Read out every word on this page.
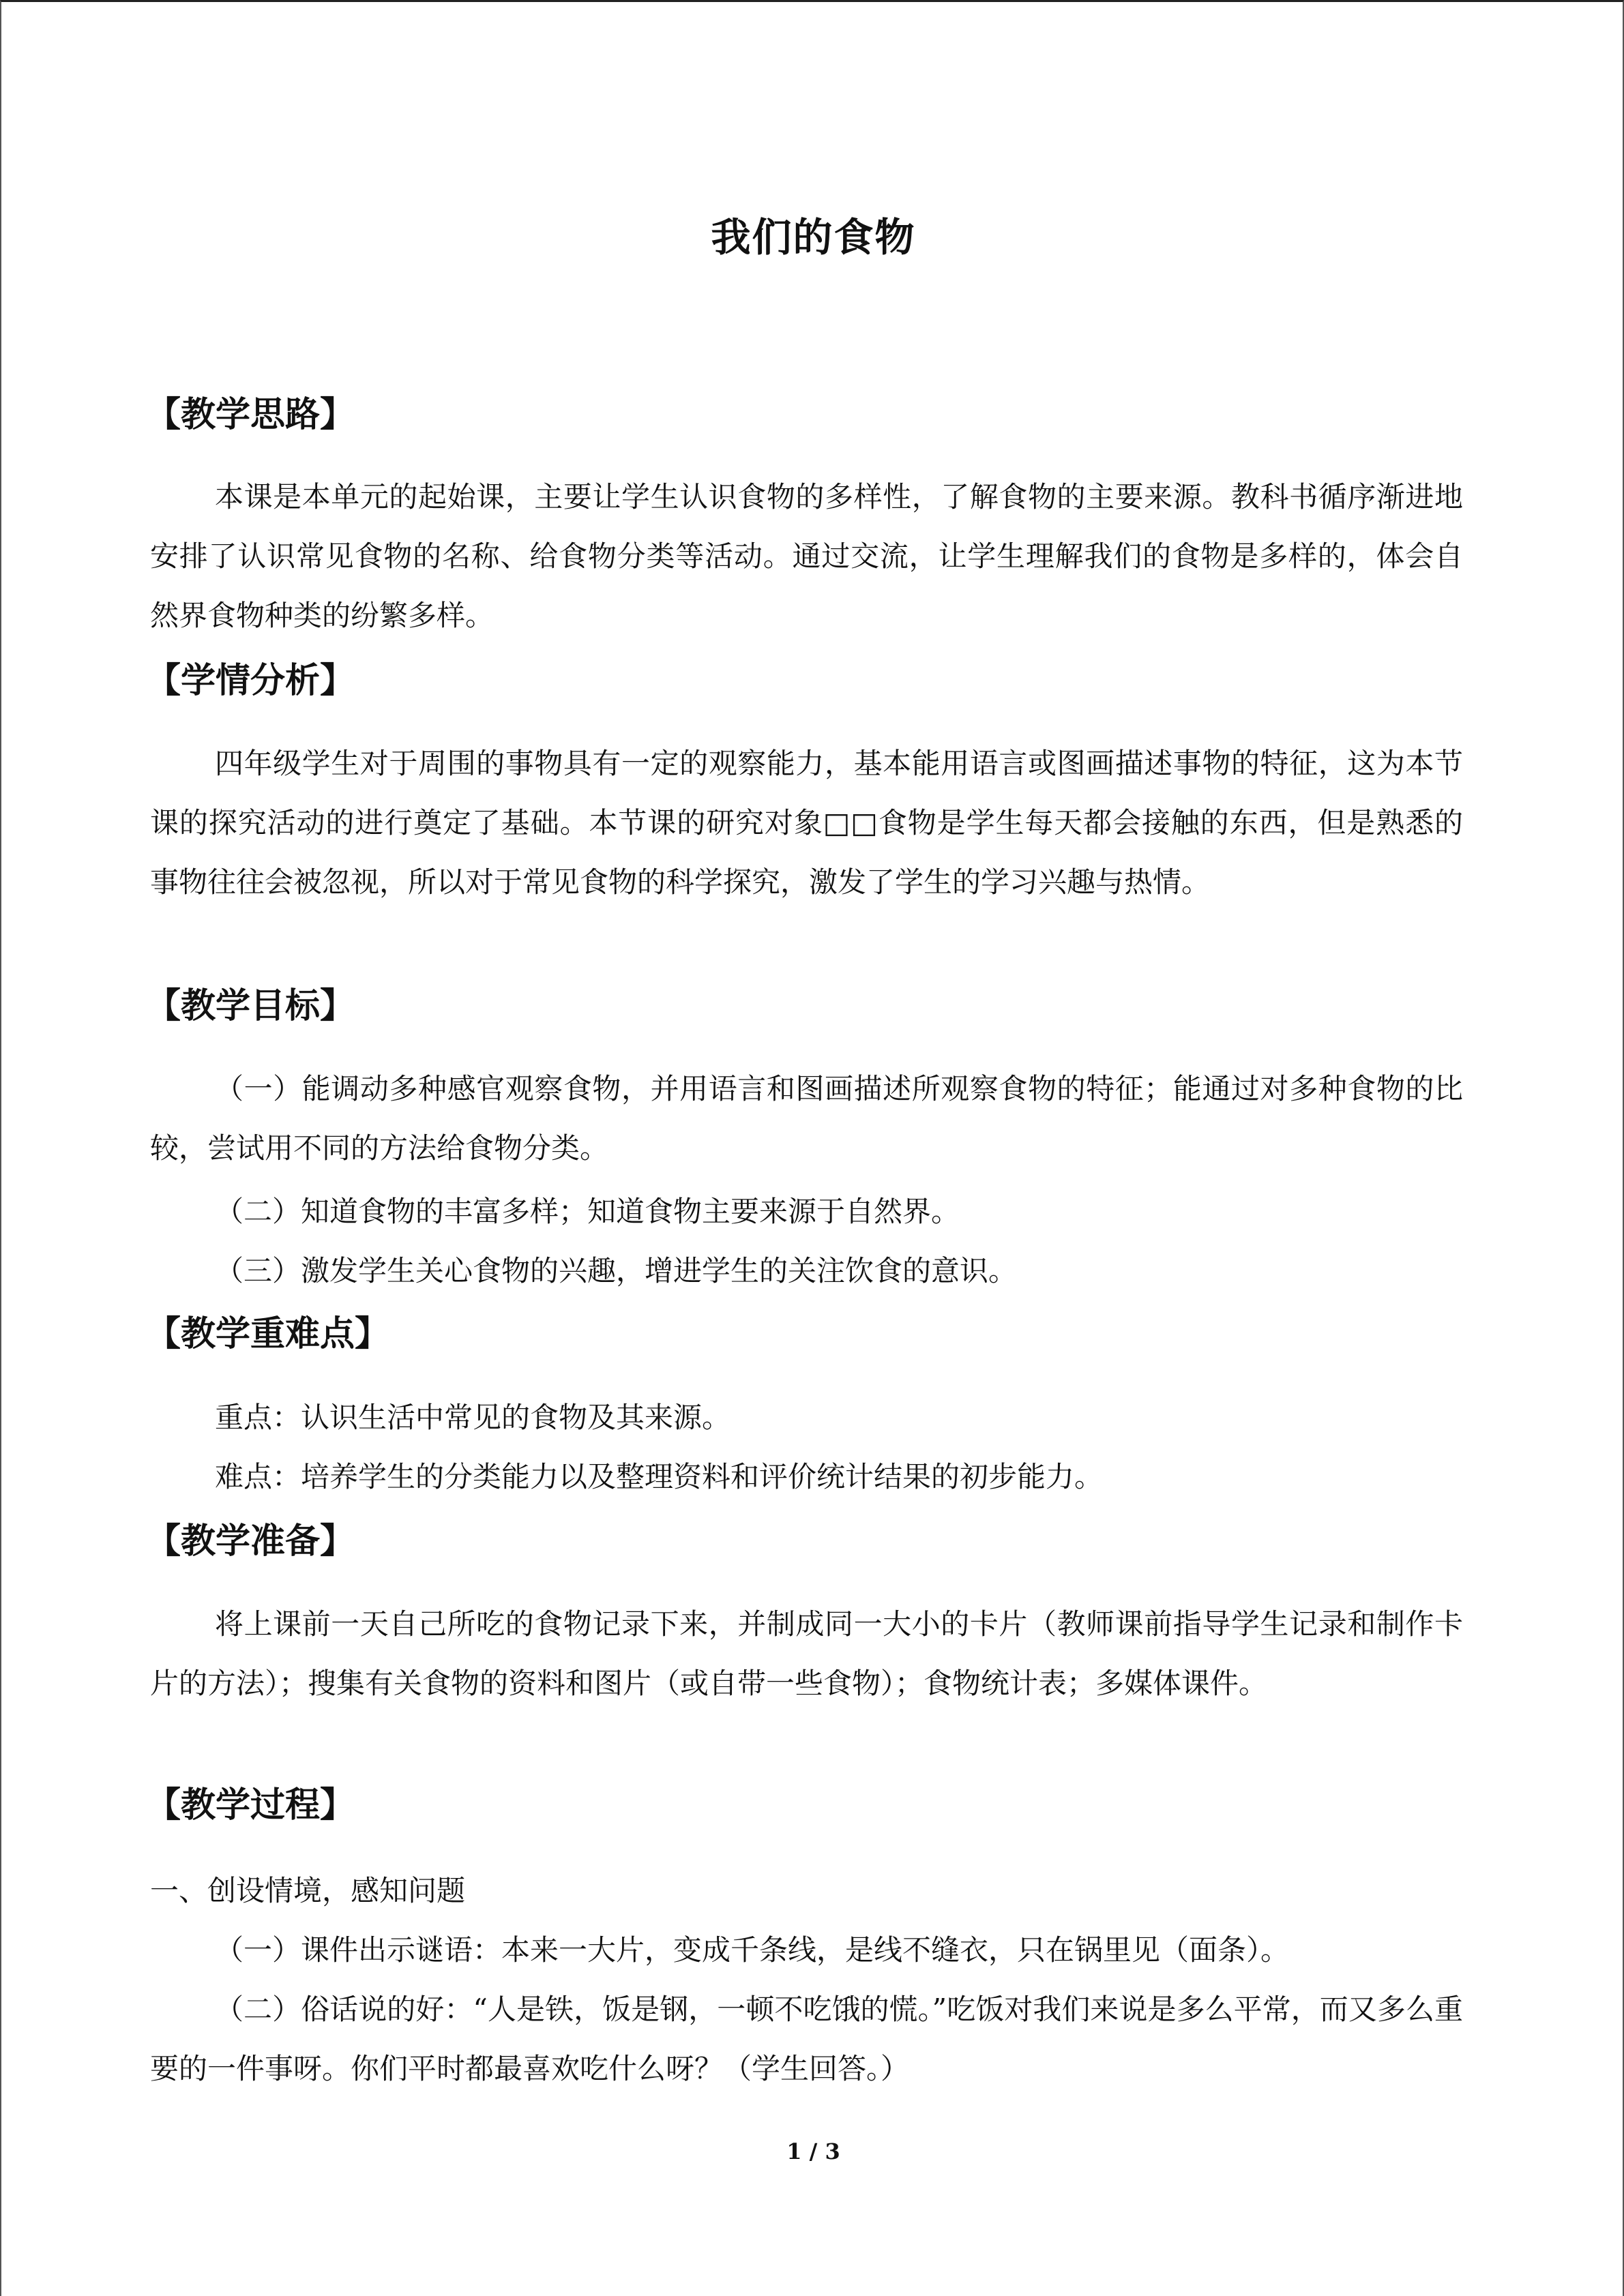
我们的食物
【教学思路】

本课是本单元的起始课，主要让学生认识食物的多样性，了解食物的主要来源。教科书循序渐进地安排了认识常见食物的名称、给食物分类等活动。通过交流，让学生理解我们的食物是多样的，体会自然界食物种类的纷繁多样。

【学情分析】

四年级学生对于周围的事物具有一定的观察能力，基本能用语言或图画描述事物的特征，这为本节课的探究活动的进行奠定了基础。本节课的研究对象□□食物是学生每天都会接触的东西，但是熟悉的事物往往会被忽视，所以对于常见食物的科学探究，激发了学生的学习兴趣与热情。

【教学目标】

（一）能调动多种感官观察食物，并用语言和图画描述所观察食物的特征；能通过对多种食物的比较，尝试用不同的方法给食物分类。

（二）知道食物的丰富多样；知道食物主要来源于自然界。

（三）激发学生关心食物的兴趣，增进学生的关注饮食的意识。

【教学重难点】

重点：认识生活中常见的食物及其来源。

难点：培养学生的分类能力以及整理资料和评价统计结果的初步能力。

【教学准备】

将上课前一天自己所吃的食物记录下来，并制成同一大小的卡片（教师课前指导学生记录和制作卡片的方法）；搜集有关食物的资料和图片（或自带一些食物）；食物统计表；多媒体课件。

【教学过程】

一、创设情境，感知问题

（一）课件出示谜语：本来一大片，变成千条线，是线不缝衣，只在锅里见（面条）。

（二）俗话说的好：“人是铁，饭是钢，一顿不吃饿的慌。”吃饭对我们来说是多么平常，而又多么重要的一件事呀。你们平时都最喜欢吃什么呀？（学生回答。）

1 / 3
